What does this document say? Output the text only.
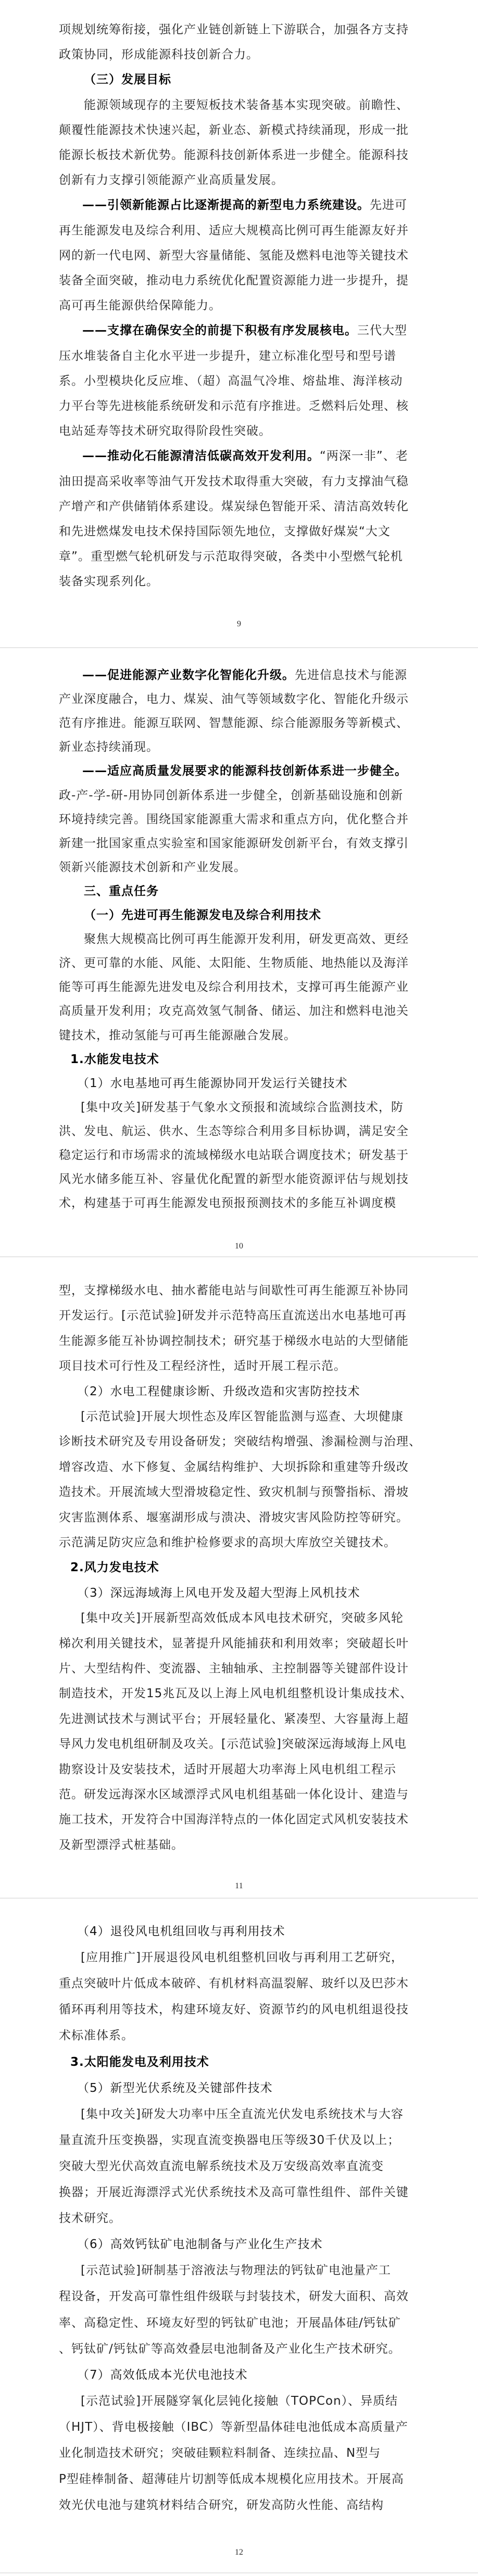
项规划统筹衔接，强化产业链创新链上下游联合，加强各方支持
政策协同，形成能源科技创新合力。
（三）发展目标
能源领域现存的主要短板技术装备基本实现突破。前瞻性、
颠覆性能源技术快速兴起，新业态、新模式持续涌现，形成一批
能源长板技术新优势。能源科技创新体系进一步健全。能源科技
创新有力支撑引领能源产业高质量发展。
——引领新能源占比逐渐提高的新型电力系统建设。先进可
再生能源发电及综合利用、适应大规模高比例可再生能源友好并
网的新一代电网、新型大容量储能、氢能及燃料电池等关键技术
装备全面突破，推动电力系统优化配置资源能力进一步提升，提
高可再生能源供给保障能力。
——支撑在确保安全的前提下积极有序发展核电。三代大型
压水堆装备自主化水平进一步提升，建立标准化型号和型号谱
系。小型模块化反应堆、（超）高温气冷堆、熔盐堆、海洋核动
力平台等先进核能系统研发和示范有序推进。乏燃料后处理、核
电站延寿等技术研究取得阶段性突破。
——推动化石能源清洁低碳高效开发利用。“两深一非”、老
油田提高采收率等油气开发技术取得重大突破，有力支撑油气稳
产增产和产供储销体系建设。煤炭绿色智能开采、清洁高效转化
和先进燃煤发电技术保持国际领先地位，支撑做好煤炭“大文
章”。重型燃气轮机研发与示范取得突破，各类中小型燃气轮机
装备实现系列化。
9
——促进能源产业数字化智能化升级。先进信息技术与能源
产业深度融合，电力、煤炭、油气等领域数字化、智能化升级示
范有序推进。能源互联网、智慧能源、综合能源服务等新模式、
新业态持续涌现。
——适应高质量发展要求的能源科技创新体系进一步健全。
政-产-学-研-用协同创新体系进一步健全，创新基础设施和创新
环境持续完善。围绕国家能源重大需求和重点方向，优化整合并
新建一批国家重点实验室和国家能源研发创新平台，有效支撑引
领新兴能源技术创新和产业发展。
三、重点任务
（一）先进可再生能源发电及综合利用技术
聚焦大规模高比例可再生能源开发利用，研发更高效、更经
济、更可靠的水能、风能、太阳能、生物质能、地热能以及海洋
能等可再生能源先进发电及综合利用技术，支撑可再生能源产业
高质量开发利用；攻克高效氢气制备、储运、加注和燃料电池关
键技术，推动氢能与可再生能源融合发展。
1.水能发电技术
（1）水电基地可再生能源协同开发运行关键技术
[集中攻关]研发基于气象水文预报和流域综合监测技术，防
洪、发电、航运、供水、生态等综合利用多目标协调，满足安全
稳定运行和市场需求的流域梯级水电站联合调度技术；研发基于
风光水储多能互补、容量优化配置的新型水能资源评估与规划技
术，构建基于可再生能源发电预报预测技术的多能互补调度模
10
型，支撑梯级水电、抽水蓄能电站与间歇性可再生能源互补协同
开发运行。[示范试验]研发并示范特高压直流送出水电基地可再
生能源多能互补协调控制技术；研究基于梯级水电站的大型储能
项目技术可行性及工程经济性，适时开展工程示范。
（2）水电工程健康诊断、升级改造和灾害防控技术
[示范试验]开展大坝性态及库区智能监测与巡查、大坝健康
诊断技术研究及专用设备研发；突破结构增强、渗漏检测与治理、
增容改造、水下修复、金属结构维护、大坝拆除和重建等升级改
造技术。开展流域大型滑坡稳定性、致灾机制与预警指标、滑坡
灾害监测体系、堰塞湖形成与溃决、滑坡灾害风险防控等研究。
示范满足防灾应急和维护检修要求的高坝大库放空关键技术。
2.风力发电技术
（3）深远海域海上风电开发及超大型海上风机技术
[集中攻关]开展新型高效低成本风电技术研究，突破多风轮
梯次利用关键技术，显著提升风能捕获和利用效率；突破超长叶
片、大型结构件、变流器、主轴轴承、主控制器等关键部件设计
制造技术，开发15兆瓦及以上海上风电机组整机设计集成技术、
先进测试技术与测试平台；开展轻量化、紧凑型、大容量海上超
导风力发电机组研制及攻关。[示范试验]突破深远海域海上风电
勘察设计及安装技术，适时开展超大功率海上风电机组工程示
范。研发远海深水区域漂浮式风电机组基础一体化设计、建造与
施工技术，开发符合中国海洋特点的一体化固定式风机安装技术
及新型漂浮式桩基础。
11
（4）退役风电机组回收与再利用技术
[应用推广]开展退役风电机组整机回收与再利用工艺研究，
重点突破叶片低成本破碎、有机材料高温裂解、玻纤以及巴莎木
循环再利用等技术，构建环境友好、资源节约的风电机组退役技
术标准体系。
3.太阳能发电及利用技术
（5）新型光伏系统及关键部件技术
[集中攻关]研发大功率中压全直流光伏发电系统技术与大容
量直流升压变换器，实现直流变换器电压等级30千伏及以上；
突破大型光伏高效直流电解系统技术及万安级高效率直流变
换器；开展近海漂浮式光伏系统技术及高可靠性组件、部件关键
技术研究。
（6）高效钙钛矿电池制备与产业化生产技术
[示范试验]研制基于溶液法与物理法的钙钛矿电池量产工
程设备，开发高可靠性组件级联与封装技术，研发大面积、高效
率、高稳定性、环境友好型的钙钛矿电池；开展晶体硅/钙钛矿
、钙钛矿/钙钛矿等高效叠层电池制备及产业化生产技术研究。
（7）高效低成本光伏电池技术
[示范试验]开展隧穿氧化层钝化接触（TOPCon）、异质结
（HJT）、背电极接触（IBC）等新型晶体硅电池低成本高质量产
业化制造技术研究；突破硅颗粒料制备、连续拉晶、N型与
P型硅棒制备、超薄硅片切割等低成本规模化应用技术。开展高
效光伏电池与建筑材料结合研究，研发高防火性能、高结构
12
